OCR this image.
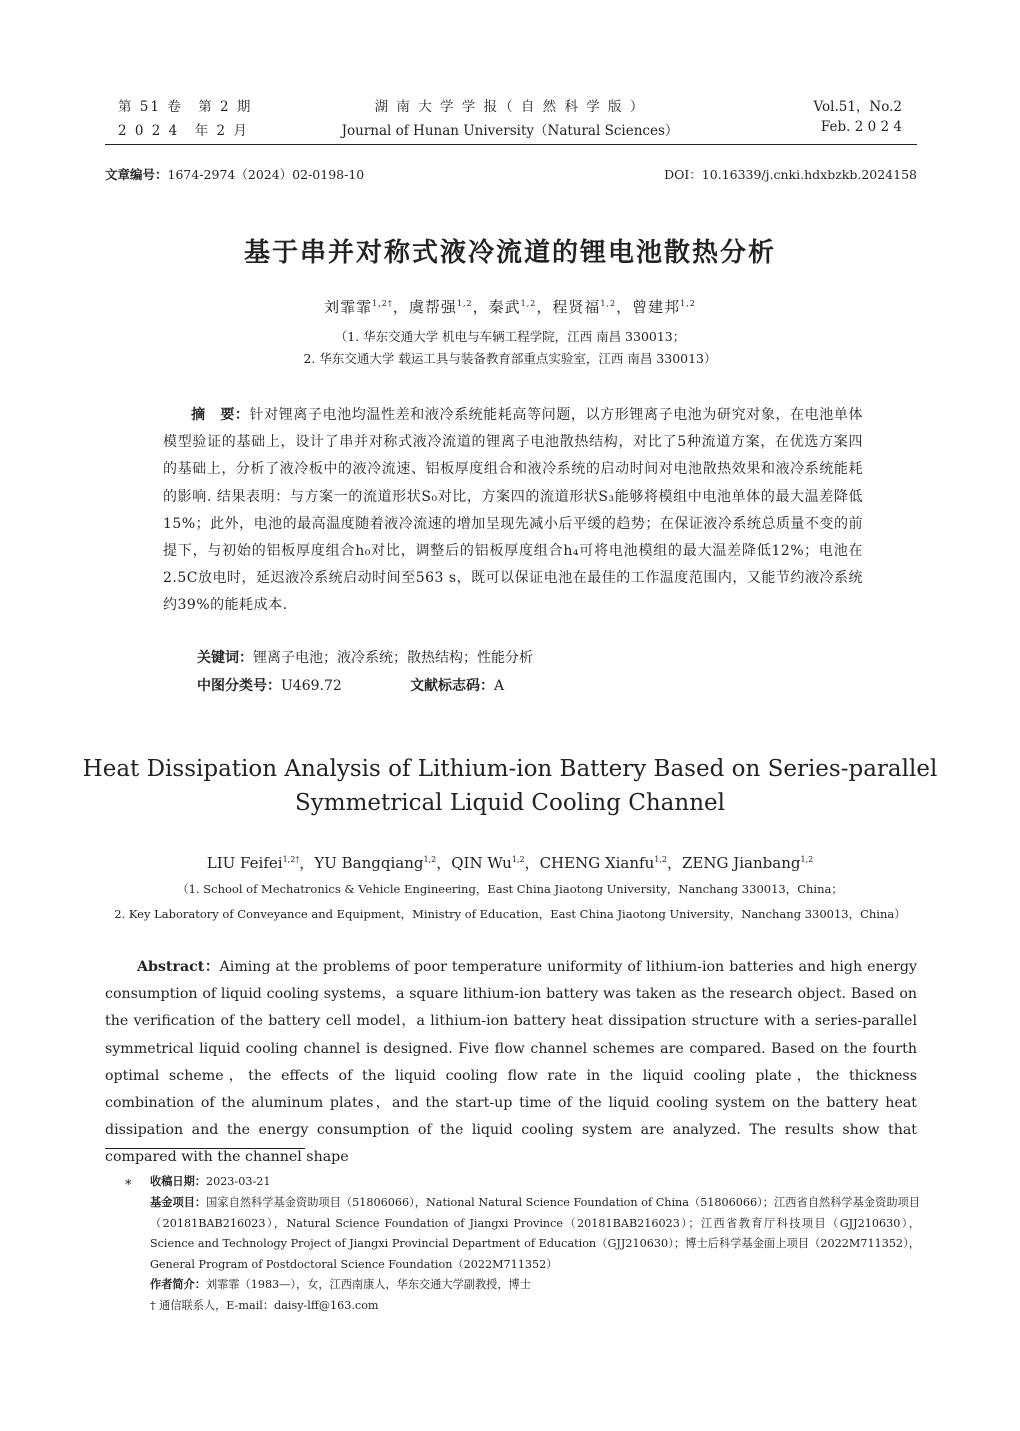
第 51 卷　第 2 期
2 0 2 4　年 2 月
湖 南 大 学 学 报（ 自 然 科 学 版 ）
Journal of Hunan University（Natural Sciences）
Vol.51，No.2
Feb. 2 0 2 4
文章编号：1674-2974（2024）02-0198-10	DOI：10.16339/j.cnki.hdxbzkb.2024158
基于串并对称式液冷流道的锂电池散热分析
刘霏霏$^{1,2\dagger}$，虞帮强$^{1,2}$，秦武$^{1,2}$，程贤福$^{1,2}$，曾建邦$^{1,2}$
（1. 华东交通大学 机电与车辆工程学院，江西 南昌 330013；
2. 华东交通大学 载运工具与装备教育部重点实验室，江西 南昌 330013）
摘　要：针对锂离子电池均温性差和液冷系统能耗高等问题，以方形锂离子电池为研究对象，在电池单体模型验证的基础上，设计了串并对称式液冷流道的锂离子电池散热结构，对比了5种流道方案，在优选方案四的基础上，分析了液冷板中的液冷流速、铝板厚度组合和液冷系统的启动时间对电池散热效果和液冷系统能耗的影响. 结果表明：与方案一的流道形状S₀对比，方案四的流道形状S₃能够将模组中电池单体的最大温差降低15%；此外，电池的最高温度随着液冷流速的增加呈现先减小后平缓的趋势；在保证液冷系统总质量不变的前提下，与初始的铝板厚度组合h₀对比，调整后的铝板厚度组合h₄可将电池模组的最大温差降低12%；电池在2.5C放电时，延迟液冷系统启动时间至563 s，既可以保证电池在最佳的工作温度范围内，又能节约液冷系统约39%的能耗成本.
关键词：锂离子电池；液冷系统；散热结构；性能分析
中图分类号：U469.72	文献标志码：A
Heat Dissipation Analysis of Lithium-ion Battery Based on Series-parallel
Symmetrical Liquid Cooling Channel
LIU Feifei$^{1,2\dagger}$，YU Bangqiang$^{1,2}$，QIN Wu$^{1,2}$，CHENG Xianfu$^{1,2}$，ZENG Jianbang$^{1,2}$
（1. School of Mechatronics & Vehicle Engineering，East China Jiaotong University，Nanchang 330013，China；
2. Key Laboratory of Conveyance and Equipment，Ministry of Education，East China Jiaotong University，Nanchang 330013，China）
Abstract：Aiming at the problems of poor temperature uniformity of lithium-ion batteries and high energy consumption of liquid cooling systems，a square lithium-ion battery was taken as the research object. Based on the verification of the battery cell model，a lithium-ion battery heat dissipation structure with a series-parallel symmetrical liquid cooling channel is designed. Five flow channel schemes are compared. Based on the fourth optimal scheme，the effects of the liquid cooling flow rate in the liquid cooling plate，the thickness combination of the aluminum plates，and the start-up time of the liquid cooling system on the battery heat dissipation and the energy consumption of the liquid cooling system are analyzed. The results show that compared with the channel shape
* 收稿日期：2023-03-21
基金项目：国家自然科学基金资助项目（51806066），National Natural Science Foundation of China（51806066）；江西省自然科学基金资助项目（20181BAB216023），Natural Science Foundation of Jiangxi Province（20181BAB216023）；江西省教育厅科技项目（GJJ210630），Science and Technology Project of Jiangxi Provincial Department of Education（GJJ210630）；博士后科学基金面上项目（2022M711352），General Program of Postdoctoral Science Foundation（2022M711352）
作者简介：刘霏霏（1983—），女，江西南康人，华东交通大学副教授，博士
† 通信联系人，E-mail：daisy-lff@163.com
